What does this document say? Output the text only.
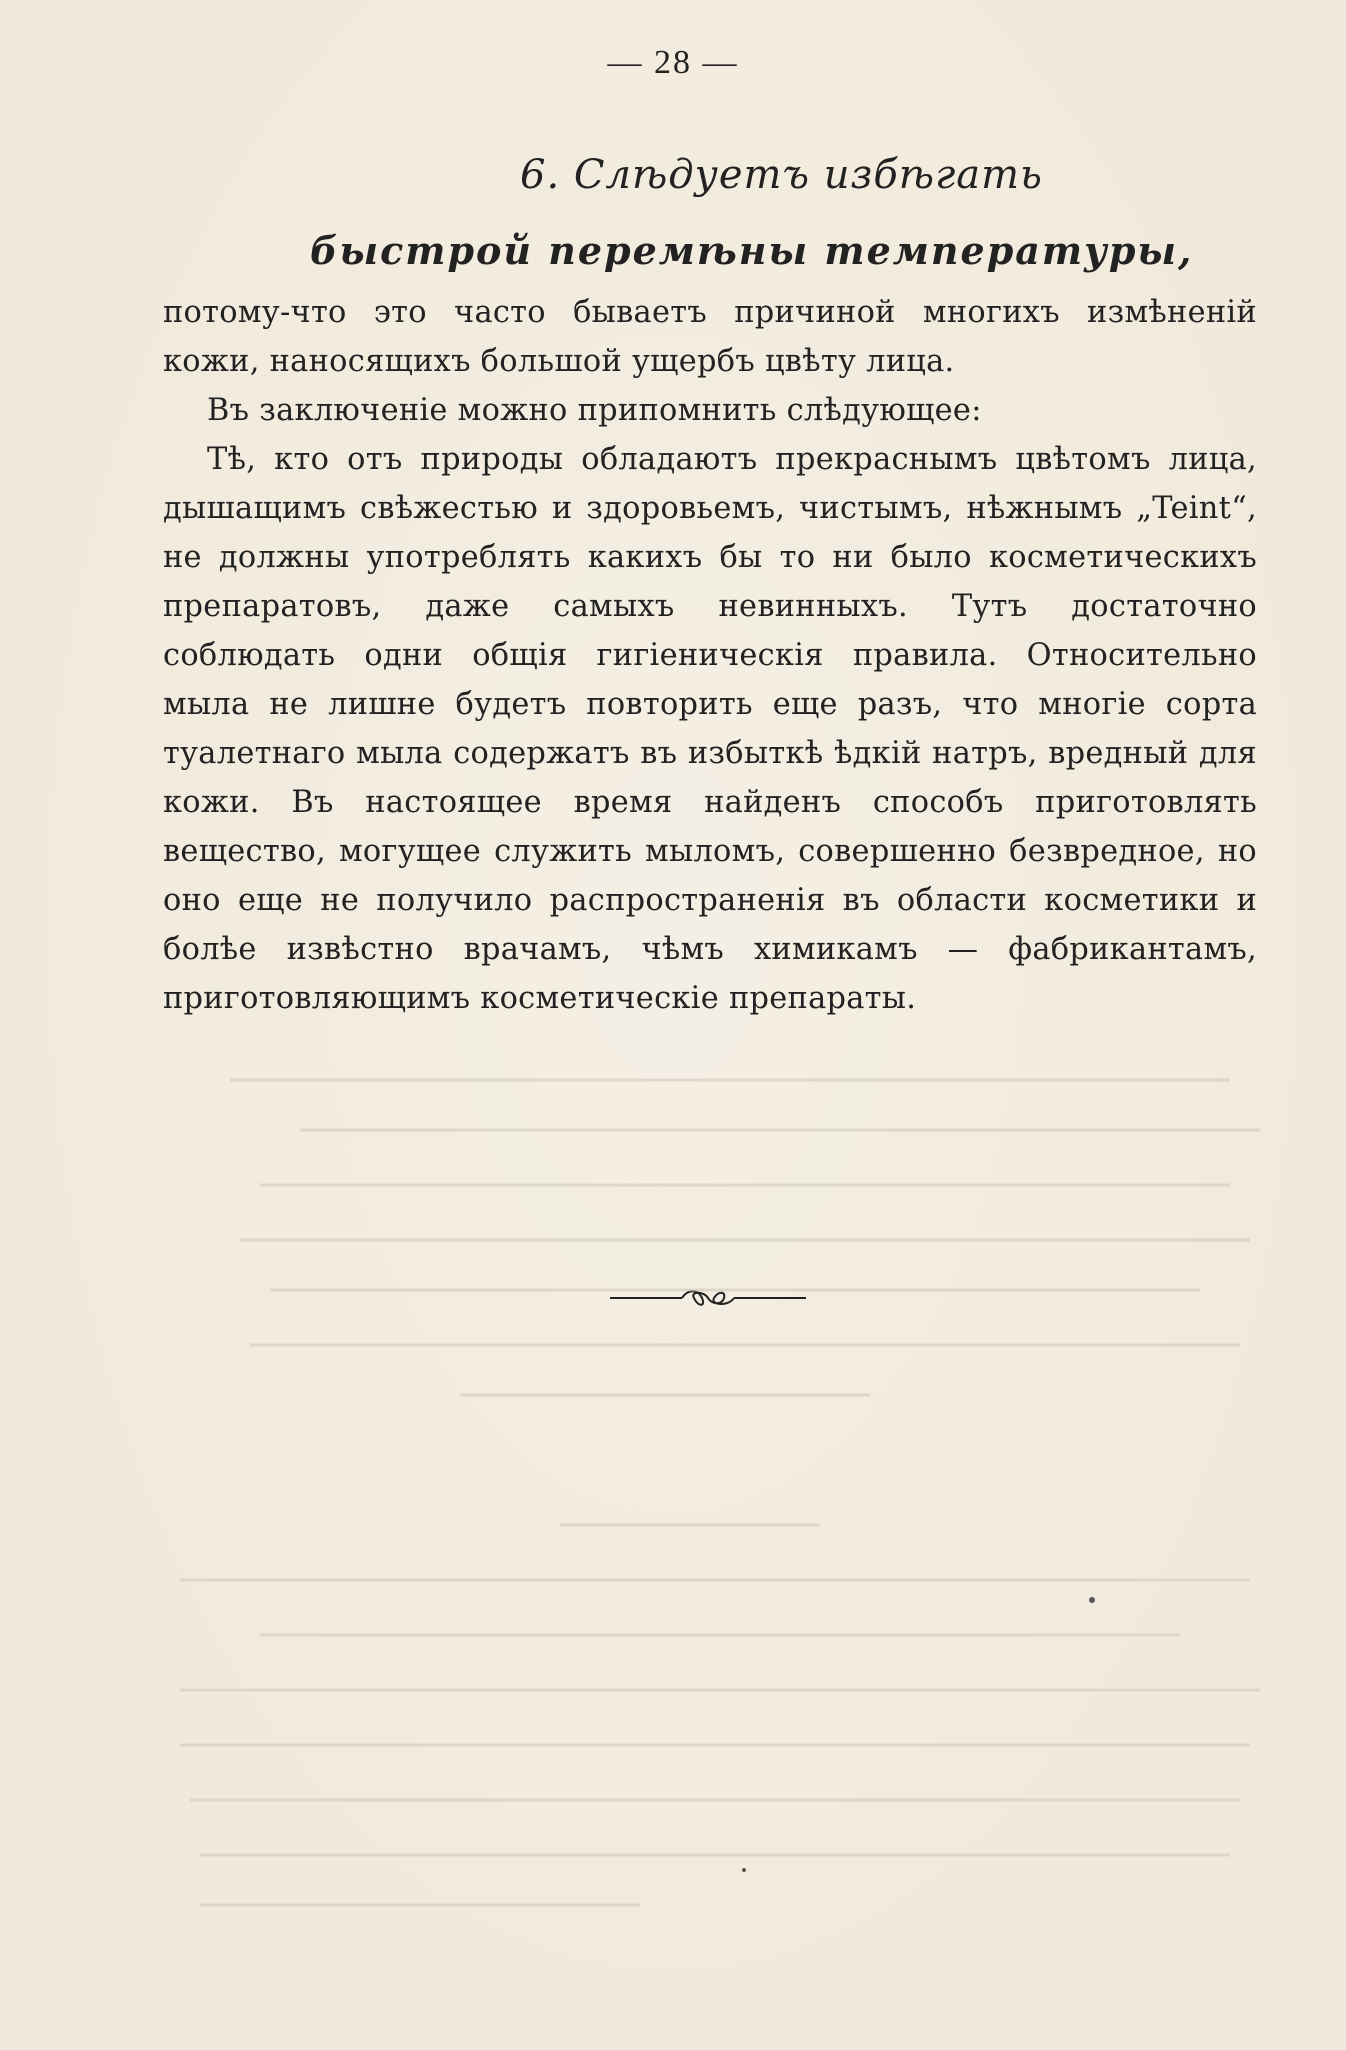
— 28 —
6. Слѣдуетъ избѣгать
быстрой перемѣны температуры,

потому-что это часто бываетъ причиной многихъ измѣненій кожи, наносящихъ большой ущербъ цвѣту лица.

Въ заключеніе можно припомнить слѣдующее:

Тѣ, кто отъ природы обладаютъ прекраснымъ цвѣтомъ лица, дышащимъ свѣжестью и здоровьемъ, чистымъ, нѣжнымъ „Teint“, не должны употреблять какихъ бы то ни было косметическихъ препаратовъ, даже самыхъ невинныхъ. Тутъ достаточно соблюдать одни общія гигіеническія правила. Относительно мыла не лишне будетъ повторить еще разъ, что многіе сорта туалетнаго мыла содержатъ въ избыткѣ ѣдкій натръ, вредный для кожи. Въ настоящее время найденъ способъ приготовлять вещество, могущее служить мыломъ, совершенно безвредное, но оно еще не получило распространенія въ области косметики и болѣе извѣстно врачамъ, чѣмъ химикамъ — фабрикантамъ, приготовляющимъ косметическіе препараты.
